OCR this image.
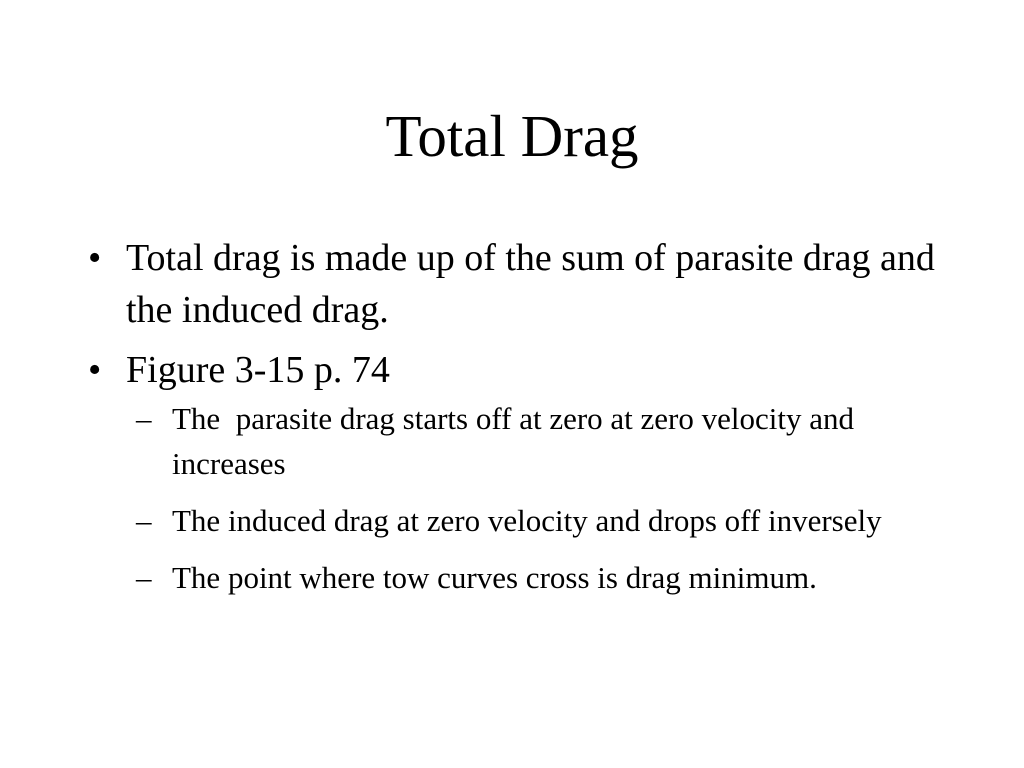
Total Drag
• Total drag is made up of the sum of parasite drag and the induced drag.
• Figure 3-15 p. 74
– The  parasite drag starts off at zero at zero velocity and increases
– The induced drag at zero velocity and drops off inversely
– The point where tow curves cross is drag minimum.
